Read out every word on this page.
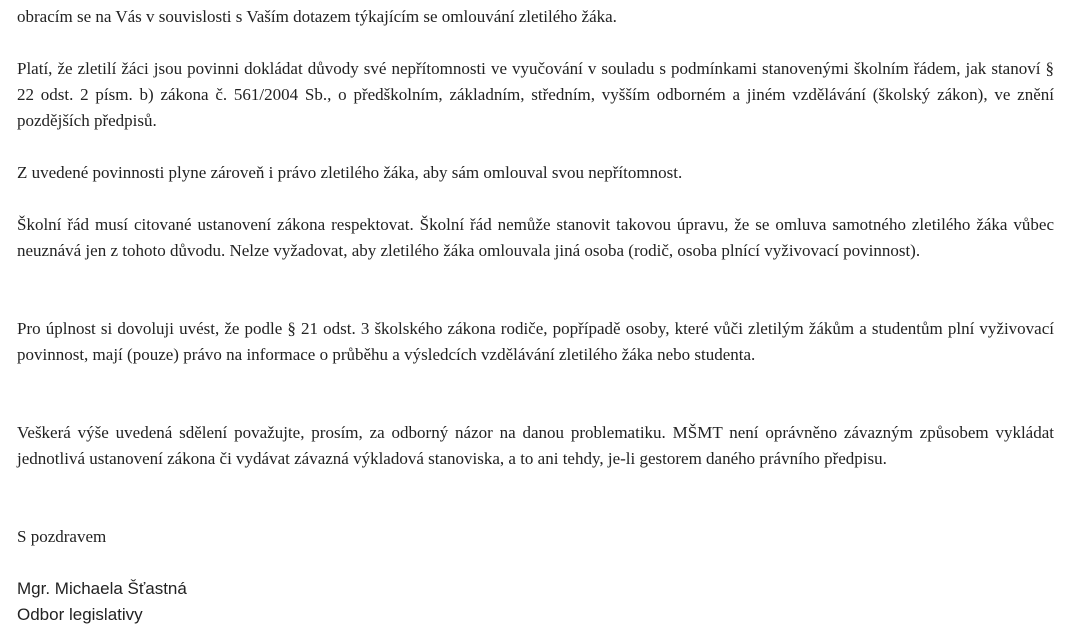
obracím se na Vás v souvislosti s Vaším dotazem týkajícím se omlouvání zletilého žáka.

Platí, že zletilí žáci jsou povinni dokládat důvody své nepřítomnosti ve vyučování v souladu s podmínkami stanovenými školním řádem, jak stanoví § 22 odst. 2 písm. b) zákona č. 561/2004 Sb., o předškolním, základním, středním, vyšším odborném a jiném vzdělávání (školský zákon), ve znění pozdějších předpisů.

Z uvedené povinnosti plyne zároveň i právo zletilého žáka, aby sám omlouval svou nepřítomnost.

Školní řád musí citované ustanovení zákona respektovat. Školní řád nemůže stanovit takovou úpravu, že se omluva samotného zletilého žáka vůbec neuznává jen z tohoto důvodu. Nelze vyžadovat, aby zletilého žáka omlouvala jiná osoba (rodič, osoba plnící vyživovací povinnost).

Pro úplnost si dovoluji uvést, že podle § 21 odst. 3 školského zákona rodiče, popřípadě osoby, které vůči zletilým žákům a studentům plní vyživovací povinnost, mají (pouze) právo na informace o průběhu a výsledcích vzdělávání zletilého žáka nebo studenta.

Veškerá výše uvedená sdělení považujte, prosím, za odborný názor na danou problematiku. MŠMT není oprávněno závazným způsobem vykládat jednotlivá ustanovení zákona či vydávat závazná výkladová stanoviska, a to ani tehdy, je-li gestorem daného právního předpisu.

S pozdravem

Mgr. Michaela Šťastná
Odbor legislativy
